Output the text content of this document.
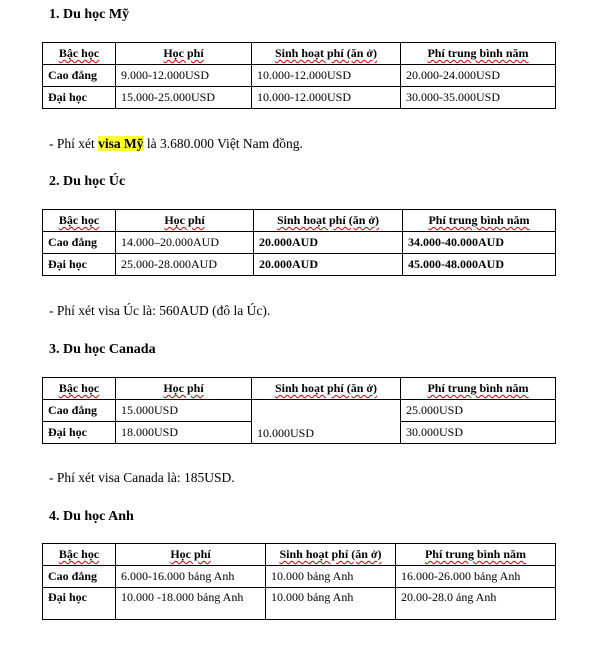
1. Du học Mỹ
Bậc học	Học phí	Sinh hoạt phí (ăn ở)	Phí trung bình năm
Cao đẳng	9.000-12.000USD	10.000-12.000USD	20.000-24.000USD
Đại học	15.000-25.000USD	10.000-12.000USD	30.000-35.000USD

- Phí xét visa Mỹ là 3.680.000 Việt Nam đồng.

2. Du học Úc
Bậc học	Học phí	Sinh hoạt phí (ăn ở)	Phí trung bình năm
Cao đẳng	14.000–20.000AUD	20.000AUD	34.000-40.000AUD
Đại học	25.000-28.000AUD	20.000AUD	45.000-48.000AUD

- Phí xét visa Úc là: 560AUD (đô la Úc).

3. Du học Canada
Bậc học	Học phí	Sinh hoạt phí (ăn ở)	Phí trung bình năm
Cao đẳng	15.000USD	10.000USD	25.000USD
Đại học	18.000USD		30.000USD

- Phí xét visa Canada là: 185USD.

4. Du học Anh
Bậc học	Học phí	Sinh hoạt phí (ăn ở)	Phí trung bình năm
Cao đẳng	6.000-16.000 bảng Anh	10.000 bảng Anh	16.000-26.000 bảng Anh
Đại học	10.000 -18.000 bảng Anh	10.000 bảng Anh	20.00-28.0 ảng Anh
